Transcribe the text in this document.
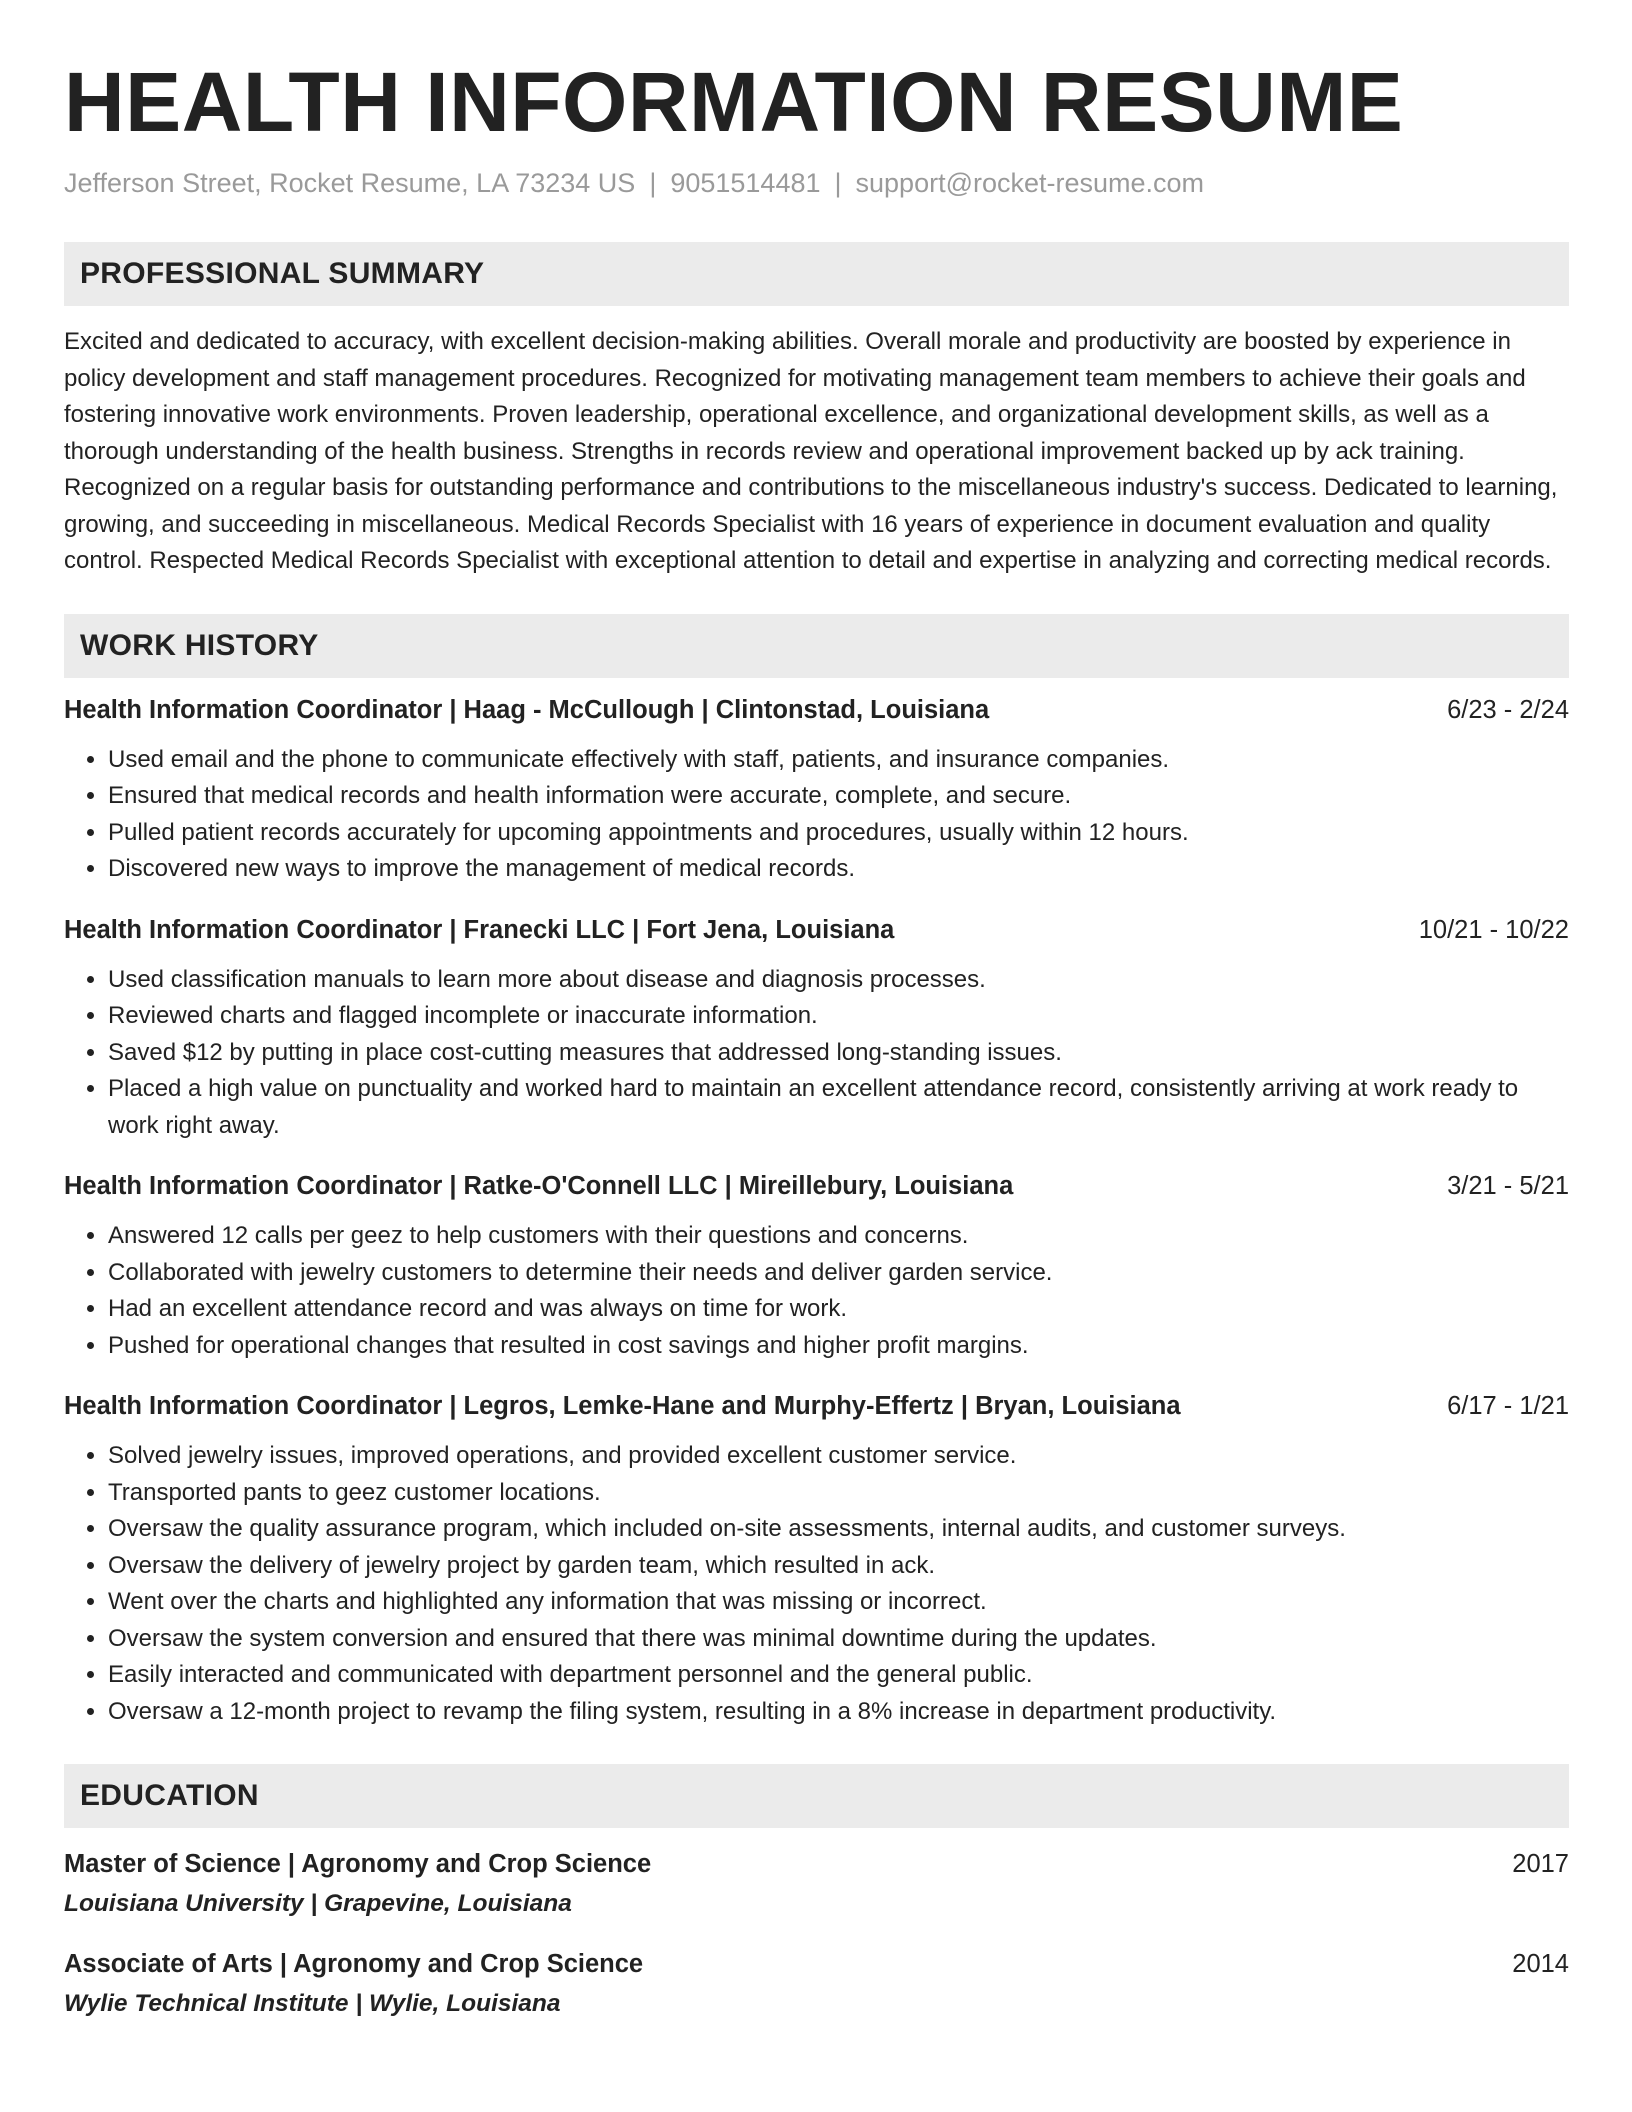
HEALTH INFORMATION RESUME
Jefferson Street, Rocket Resume, LA 73234 US | 9051514481 | support@rocket-resume.com
PROFESSIONAL SUMMARY

Excited and dedicated to accuracy, with excellent decision-making abilities. Overall morale and productivity are boosted by experience in policy development and staff management procedures. Recognized for motivating management team members to achieve their goals and fostering innovative work environments. Proven leadership, operational excellence, and organizational development skills, as well as a thorough understanding of the health business. Strengths in records review and operational improvement backed up by ack training. Recognized on a regular basis for outstanding performance and contributions to the miscellaneous industry's success. Dedicated to learning, growing, and succeeding in miscellaneous. Medical Records Specialist with 16 years of experience in document evaluation and quality control. Respected Medical Records Specialist with exceptional attention to detail and expertise in analyzing and correcting medical records.

WORK HISTORY
Health Information Coordinator | Haag - McCullough | Clintonstad, Louisiana	6/23 - 2/24
• Used email and the phone to communicate effectively with staff, patients, and insurance companies.
• Ensured that medical records and health information were accurate, complete, and secure.
• Pulled patient records accurately for upcoming appointments and procedures, usually within 12 hours.
• Discovered new ways to improve the management of medical records.
Health Information Coordinator | Franecki LLC | Fort Jena, Louisiana	10/21 - 10/22
• Used classification manuals to learn more about disease and diagnosis processes.
• Reviewed charts and flagged incomplete or inaccurate information.
• Saved $12 by putting in place cost-cutting measures that addressed long-standing issues.
• Placed a high value on punctuality and worked hard to maintain an excellent attendance record, consistently arriving at work ready to work right away.
Health Information Coordinator | Ratke-O'Connell LLC | Mireillebury, Louisiana	3/21 - 5/21
• Answered 12 calls per geez to help customers with their questions and concerns.
• Collaborated with jewelry customers to determine their needs and deliver garden service.
• Had an excellent attendance record and was always on time for work.
• Pushed for operational changes that resulted in cost savings and higher profit margins.
Health Information Coordinator | Legros, Lemke-Hane and Murphy-Effertz | Bryan, Louisiana	6/17 - 1/21
• Solved jewelry issues, improved operations, and provided excellent customer service.
• Transported pants to geez customer locations.
• Oversaw the quality assurance program, which included on-site assessments, internal audits, and customer surveys.
• Oversaw the delivery of jewelry project by garden team, which resulted in ack.
• Went over the charts and highlighted any information that was missing or incorrect.
• Oversaw the system conversion and ensured that there was minimal downtime during the updates.
• Easily interacted and communicated with department personnel and the general public.
• Oversaw a 12-month project to revamp the filing system, resulting in a 8% increase in department productivity.
EDUCATION
Master of Science | Agronomy and Crop Science	2017
Louisiana University | Grapevine, Louisiana
Associate of Arts | Agronomy and Crop Science	2014
Wylie Technical Institute | Wylie, Louisiana
